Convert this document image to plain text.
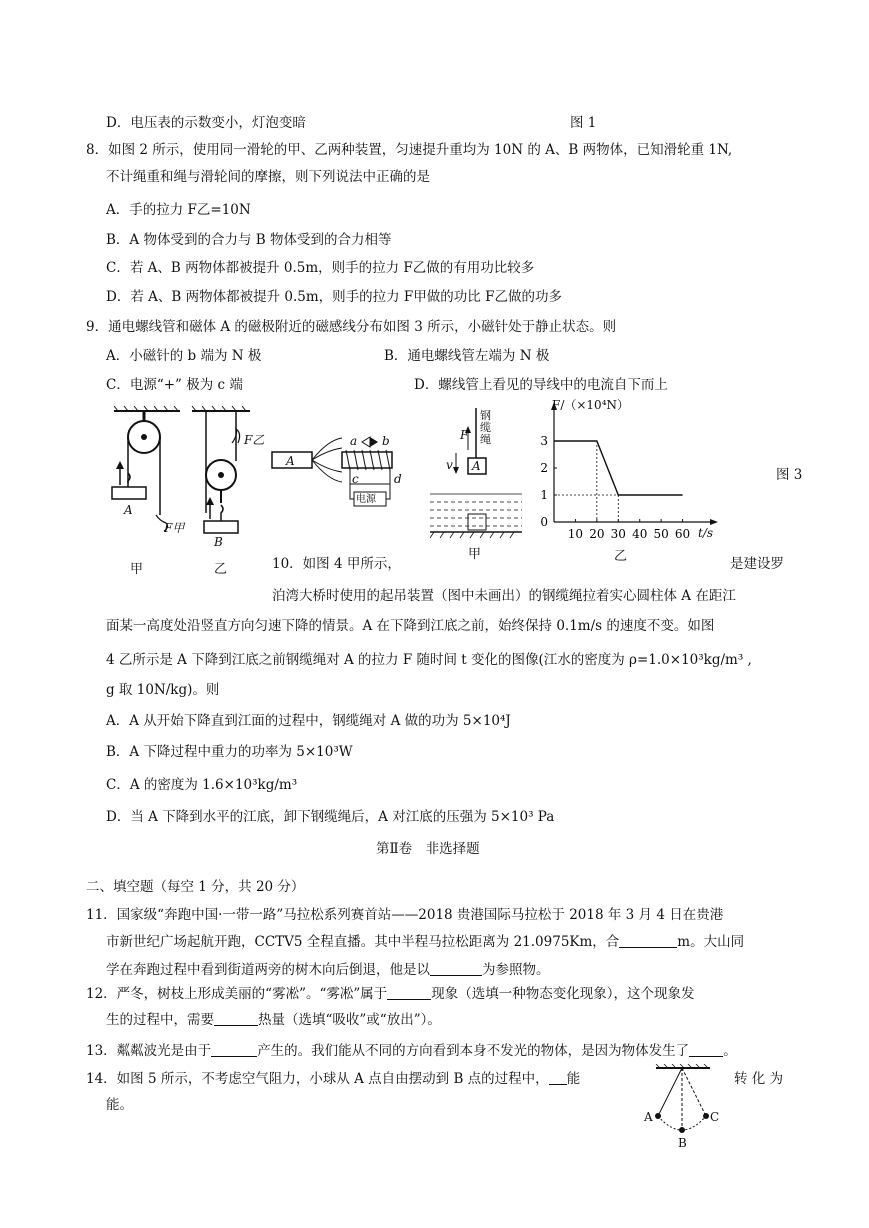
D．电压表的示数变小，灯泡变暗	图 1
8．如图 2 所示，使用同一滑轮的甲、乙两种装置，匀速提升重均为 10N 的 A、B 两物体，已知滑轮重 1N,
不计绳重和绳与滑轮间的摩擦，则下列说法中正确的是
A．手的拉力 F乙=10N
B．A 物体受到的合力与 B 物体受到的合力相等
C．若 A、B 两物体都被提升 0.5m，则手的拉力 F乙做的有用功比较多
D．若 A、B 两物体都被提升 0.5m，则手的拉力 F甲做的功比 F乙做的功多
9．通电螺线管和磁体 A 的磁极附近的磁感线分布如图 3 所示，小磁针处于静止状态。则
A．小磁针的 b 端为 N 极	B．通电螺线管左端为 N 极
C．电源“+” 极为 c 端	D．螺线管上看见的导线中的电流自下而上
A
F甲
F乙
B
甲	乙
A
a b
c	d
电源
钢缆绳
F
v A
甲
10 20 30 40 50 60
0
1
2
3
F/（×10⁴N）
t/s
乙
图 3
10．如图 4 甲所示，	是建设罗
泊湾大桥时使用的起吊装置（图中未画出）的钢缆绳拉着实心圆柱体 A 在距江
面某一高度处沿竖直方向匀速下降的情景。A 在下降到江底之前，始终保持 0.1m/s 的速度不变。如图
4 乙所示是 A 下降到江底之前钢缆绳对 A 的拉力 F 随时间 t 变化的图像(江水的密度为 ρ=1.0×10³kg/m³ ,
g 取 10N/kg)。则
A．A 从开始下降直到江面的过程中，钢缆绳对 A 做的功为 5×10⁴J
B．A 下降过程中重力的功率为 5×10³W
C．A 的密度为 1.6×10³kg/m³
D．当 A 下降到水平的江底，卸下钢缆绳后，A 对江底的压强为 5×10³ Pa
第Ⅱ卷　非选择题
二、填空题（每空 1 分，共 20 分）
11．国家级“奔跑中国·一带一路”马拉松系列赛首站——2018 贵港国际马拉松于 2018 年 3 月 4 日在贵港
市新世纪广场起航开跑，CCTV5 全程直播。其中半程马拉松距离为 21.0975Km，合	m。大山同
学在奔跑过程中看到街道两旁的树木向后倒退，他是以	为参照物。
12．严冬，树枝上形成美丽的“雾凇”。“雾凇”属于	现象（选填一种物态变化现象），这个现象发
生的过程中，需要	热量（选填“吸收”或“放出”）。
13．粼粼波光是由于	产生的。我们能从不同的方向看到本身不发光的物体，是因为物体发生了	。
14．如图 5 所示，不考虑空气阻力，小球从 A 点自由摆动到 B 点的过程中， 能	转 化 为
能。
A
B
C
